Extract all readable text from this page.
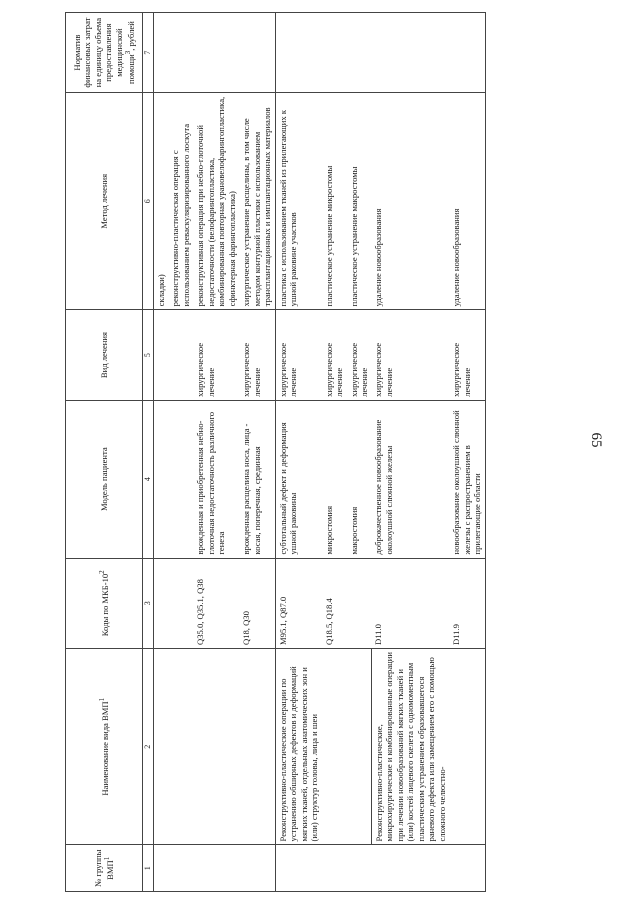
65
№ группы ВМП$^1$	Наименование вида ВМП$^1$	Коды по МКБ-$10^2$	Модель пациента	Вид лечения	Метод лечения	Норматив финансовых затрат на единицу объема предоставления медицинской помощи$^3$, рублей
1	2	3	4	5	6	7
					складки)	
					реконструктивно-пластическая операция с использованием реваскуляризированного лоскута	
		Q35.0, Q35.1, Q38	врожденная и приобретенная небно-глоточная недостаточность различного генеза	хирургическое лечение	реконструктивная операция при небно-глоточной недостаточности (велофарингопластика, комбинированная повторная урановелофарингопластика, сфинктерная фарингопластика)	
		Q18, Q30	врожденная расщелина носа, лица - косая, поперечная, срединная	хирургическое лечение	хирургическое устранение расщелины, в том числе методом контурной пластики с использованием трансплантационных и имплантационных материалов	
	Реконструктивно-пластические операции по устранению обширных дефектов и деформаций мягких тканей, отдельных анатомических зон и (или) структур головы, лица и шеи	M95.1, Q87.0	субтотальный дефект и деформация ушной раковины	хирургическое лечение	пластика с использованием тканей из прилегающих к ушной раковине участков	
		Q18.5, Q18.4	микростомия	хирургическое лечение	пластическое устранение микростомы	
			макростомия	хирургическое лечение	пластическое устранение макростомы	
	Реконструктивно-пластические, микрохирургические и комбинированные операции при лечении новообразований мягких тканей и (или) костей лицевого скелета с одномоментным пластическим устранением образовавшегося раневого дефекта или замещением его с помощью сложного челюстно-	D11.0	доброкачественное новообразование околоушной слюнной железы	хирургическое лечение	удаление новообразования	
		D11.9	новообразование околоушной слюнной железы с распространением в прилегающие области	хирургическое лечение	удаление новообразования	
